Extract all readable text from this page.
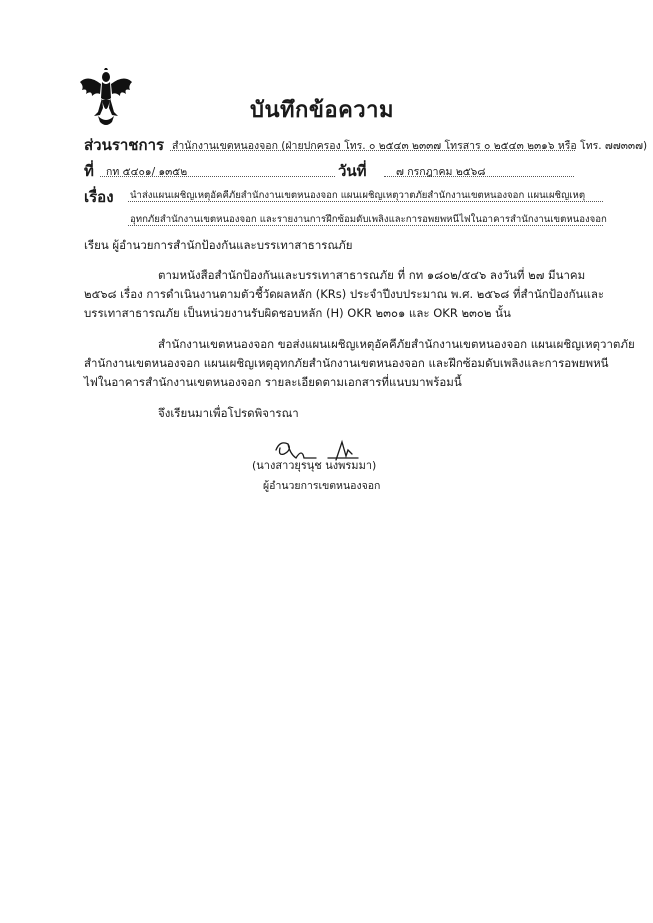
บันทึกข้อความ
ส่วนราชการ สำนักงานเขตหนองจอก (ฝ่ายปกครอง โทร. ๐ ๒๕๔๓ ๒๓๓๗ โทรสาร ๐ ๒๕๔๓ ๒๓๑๖ หรือ โทร. ๗๗๓๓๗)
ที่ กท ๕๔๐๑/ ๑๓๕๒	วันที่	๗ กรกฎาคม ๒๕๖๘
เรื่อง นำส่งแผนเผชิญเหตุอัคคีภัยสำนักงานเขตหนองจอก แผนเผชิญเหตุวาตภัยสำนักงานเขตหนองจอก แผนเผชิญเหตุ
อุทกภัยสำนักงานเขตหนองจอก และรายงานการฝึกซ้อมดับเพลิงและการอพยพหนีไฟในอาคารสำนักงานเขตหนองจอก
เรียน ผู้อำนวยการสำนักป้องกันและบรรเทาสาธารณภัย
ตามหนังสือสำนักป้องกันและบรรเทาสาธารณภัย ที่ กท ๑๘๐๒/๕๔๖ ลงวันที่ ๒๗ มีนาคม
๒๕๖๘ เรื่อง การดำเนินงานตามตัวชี้วัดผลหลัก (KRs) ประจำปีงบประมาณ พ.ศ. ๒๕๖๘ ที่สำนักป้องกันและ
บรรเทาสาธารณภัย เป็นหน่วยงานรับผิดชอบหลัก (H) OKR ๒๓๐๑ และ OKR ๒๓๐๒ นั้น
สำนักงานเขตหนองจอก ขอส่งแผนเผชิญเหตุอัคคีภัยสำนักงานเขตหนองจอก แผนเผชิญเหตุวาตภัย
สำนักงานเขตหนองจอก แผนเผชิญเหตุอุทกภัยสำนักงานเขตหนองจอก และฝึกซ้อมดับเพลิงและการอพยพหนี
ไฟในอาคารสำนักงานเขตหนองจอก รายละเอียดตามเอกสารที่แนบมาพร้อมนี้
จึงเรียนมาเพื่อโปรดพิจารณา
(นางสาวยุรนุช นงพรมมา)
ผู้อำนวยการเขตหนองจอก
